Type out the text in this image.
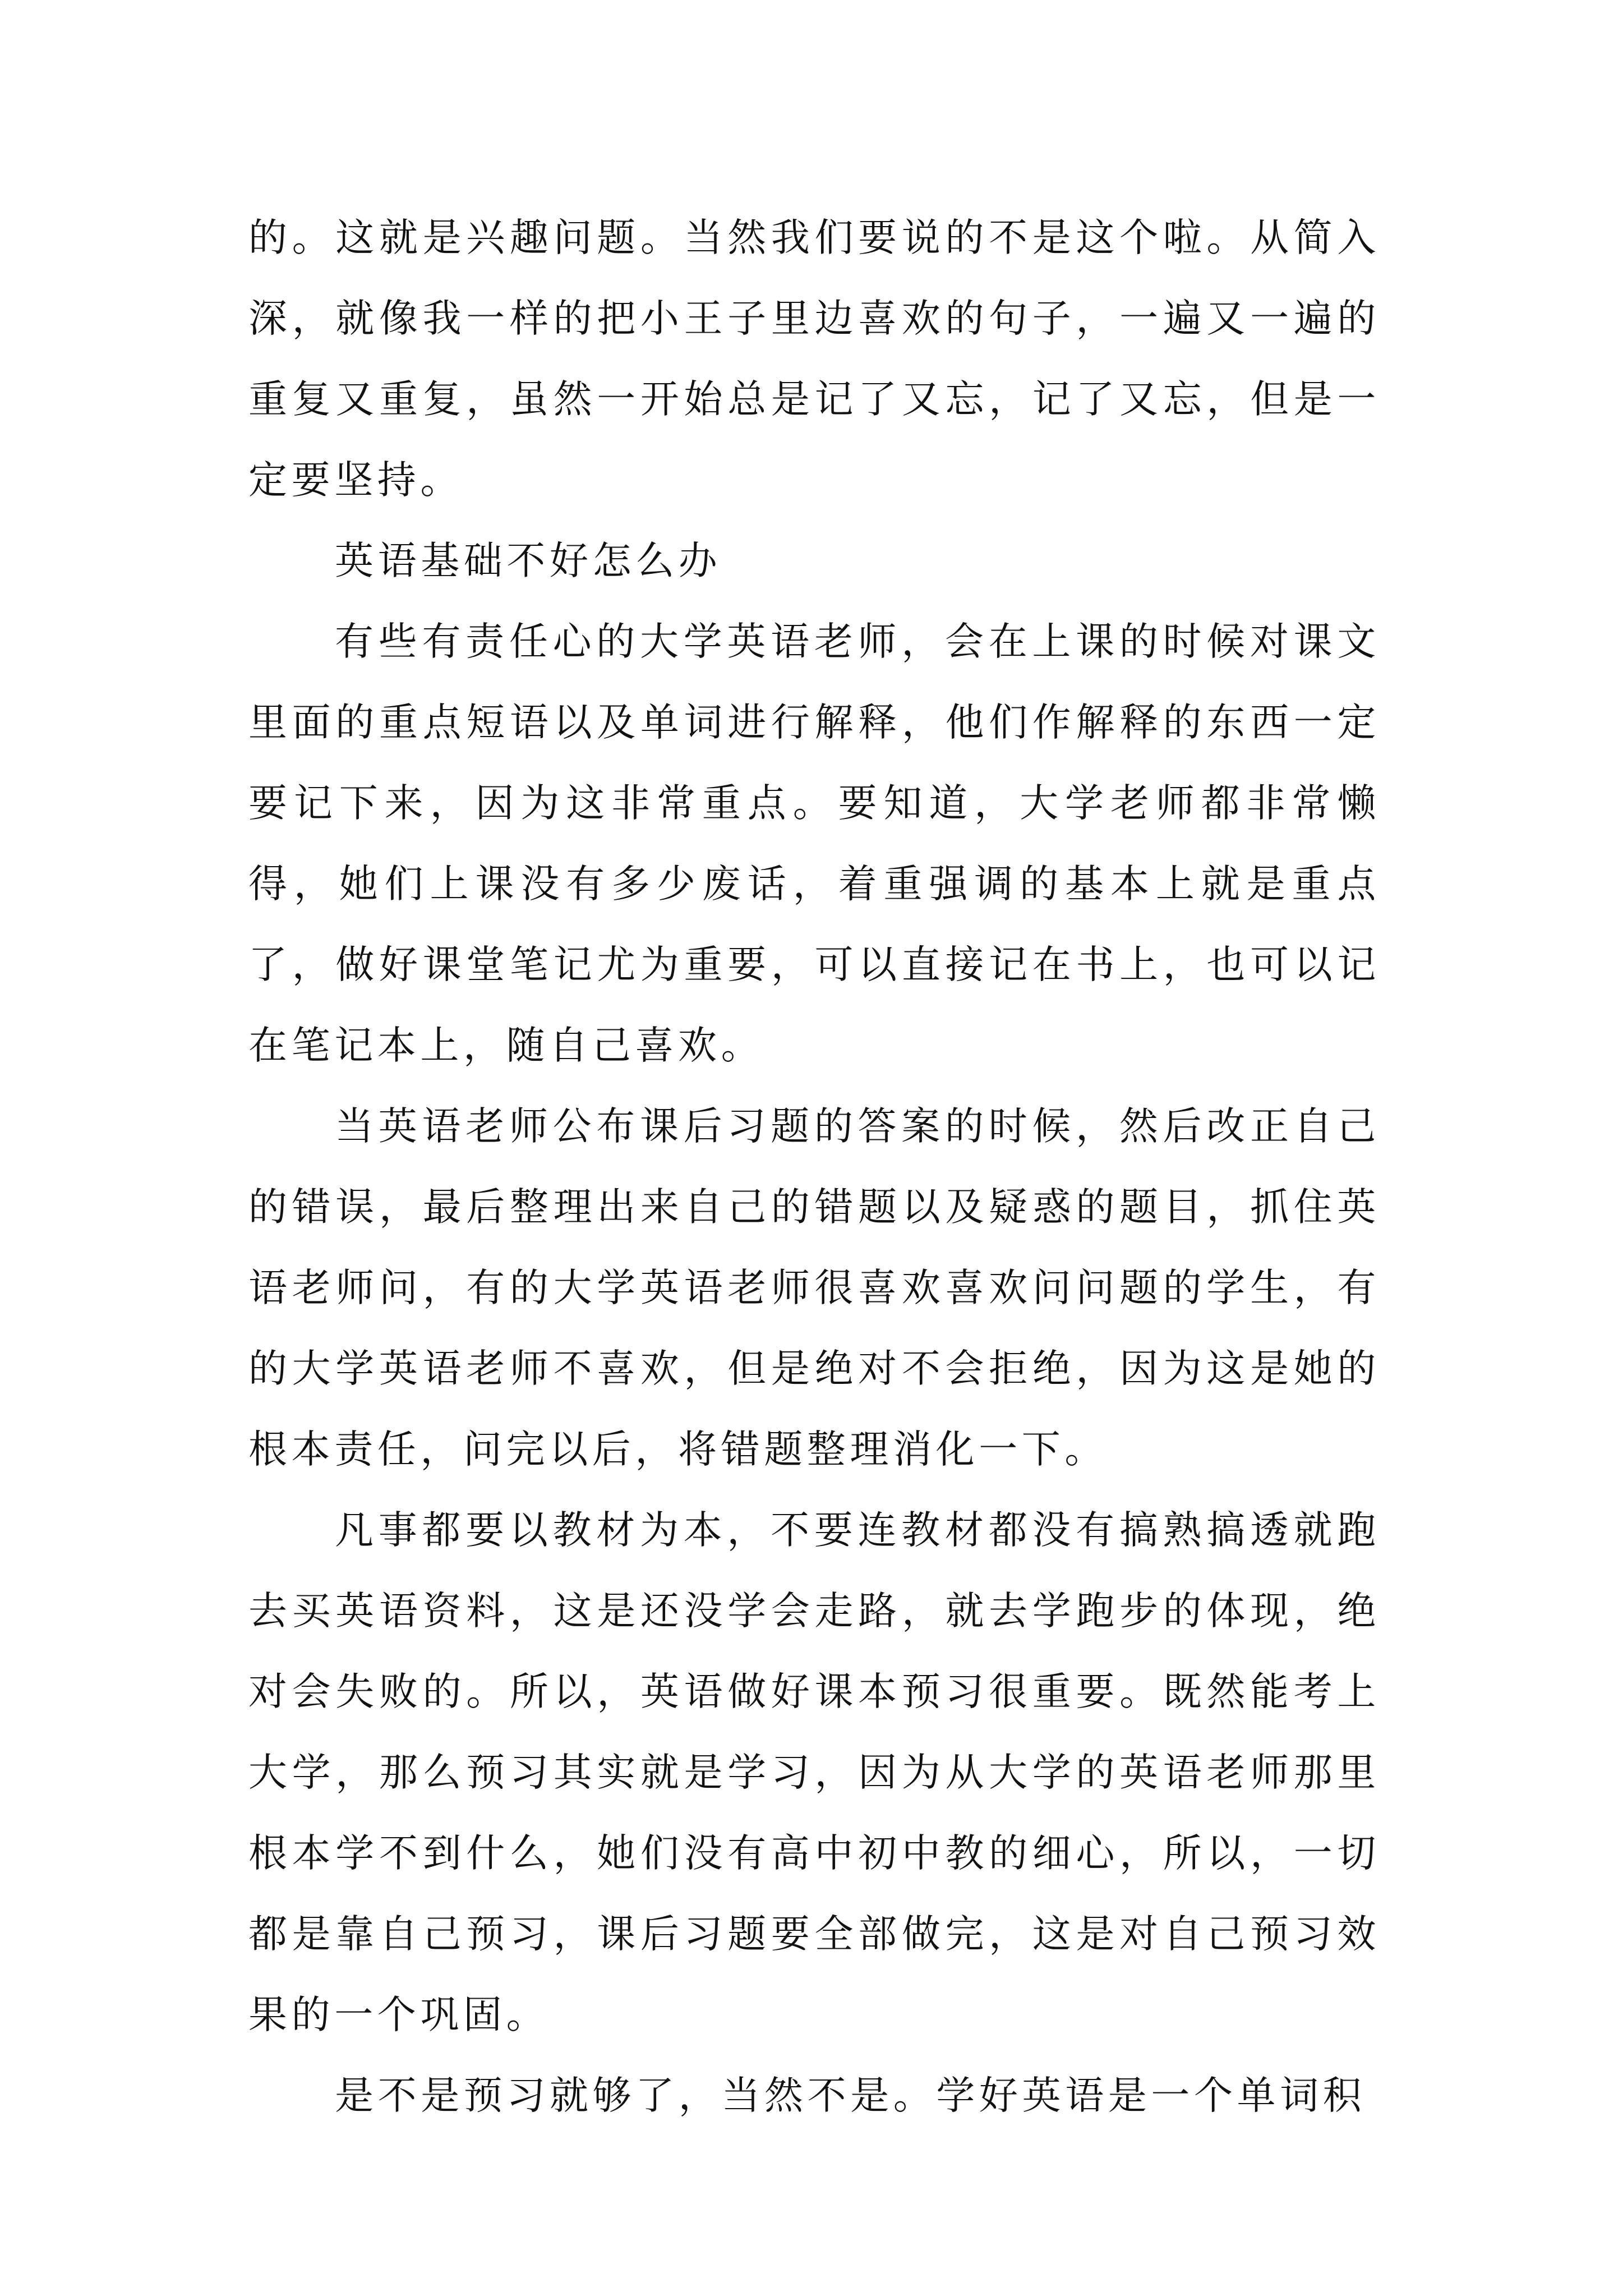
的。这就是兴趣问题。当然我们要说的不是这个啦。从简入深，就像我一样的把小王子里边喜欢的句子，一遍又一遍的重复又重复，虽然一开始总是记了又忘，记了又忘，但是一定要坚持。

英语基础不好怎么办

有些有责任心的大学英语老师，会在上课的时候对课文里面的重点短语以及单词进行解释，他们作解释的东西一定要记下来，因为这非常重点。要知道，大学老师都非常懒得，她们上课没有多少废话，着重强调的基本上就是重点了，做好课堂笔记尤为重要，可以直接记在书上，也可以记在笔记本上，随自己喜欢。

当英语老师公布课后习题的答案的时候，然后改正自己的错误，最后整理出来自己的错题以及疑惑的题目，抓住英语老师问，有的大学英语老师很喜欢喜欢问问题的学生，有的大学英语老师不喜欢，但是绝对不会拒绝，因为这是她的根本责任，问完以后，将错题整理消化一下。

凡事都要以教材为本，不要连教材都没有搞熟搞透就跑去买英语资料，这是还没学会走路，就去学跑步的体现，绝对会失败的。所以，英语做好课本预习很重要。既然能考上大学，那么预习其实就是学习，因为从大学的英语老师那里根本学不到什么，她们没有高中初中教的细心，所以，一切都是靠自己预习，课后习题要全部做完，这是对自己预习效果的一个巩固。

是不是预习就够了，当然不是。学好英语是一个单词积
